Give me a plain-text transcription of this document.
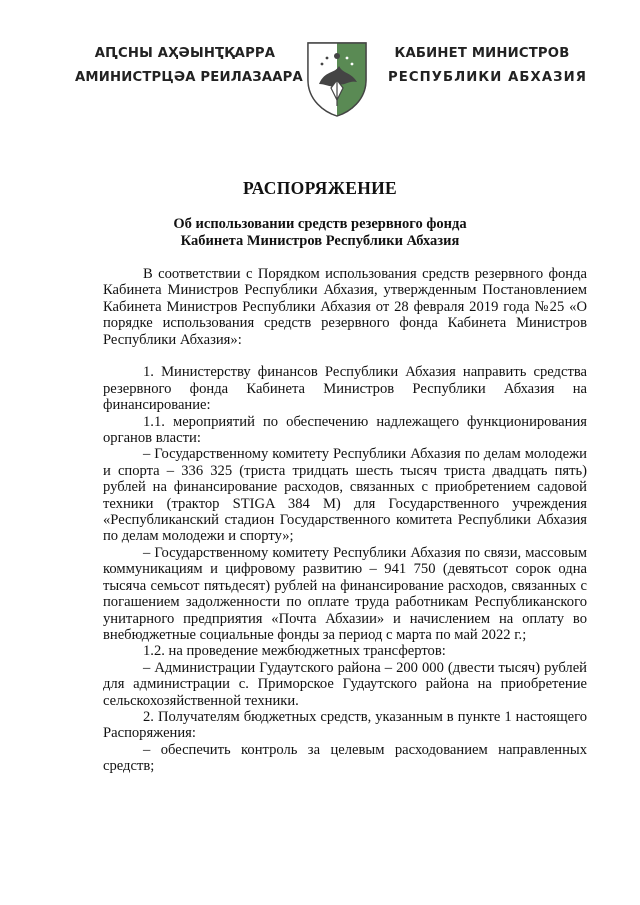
АԤСНЫ АҲӘЫНҬҚАРРА
АМИНИСТРЦӘА РЕИЛАЗААРА
КАБИНЕТ МИНИСТРОВ
РЕСПУБЛИКИ АБХАЗИЯ
РАСПОРЯЖЕНИЕ
Об использовании средств резервного фонда
Кабинета Министров Республики Абхазия

В соответствии с Порядком использования средств резервного фонда Кабинета Министров Республики Абхазия, утвержденным Постановлением Кабинета Министров Республики Абхазия от 28 февраля 2019 года №25 «О порядке использования средств резервного фонда Кабинета Министров Республики Абхазия»:

1. Министерству финансов Республики Абхазия направить средства резервного фонда Кабинета Министров Республики Абхазия на финансирование:

1.1. мероприятий по обеспечению надлежащего функционирования органов власти:

– Государственному комитету Республики Абхазия по делам молодежи и спорта – 336 325 (триста тридцать шесть тысяч триста двадцать пять) рублей на финансирование расходов, связанных с приобретением садовой техники (трактор STIGA 384 M) для Государственного учреждения «Республиканский стадион Государственного комитета Республики Абхазия по делам молодежи и спорту»;

– Государственному комитету Республики Абхазия по связи, массовым коммуникациям и цифровому развитию – 941 750 (девятьсот сорок одна тысяча семьсот пятьдесят) рублей на финансирование расходов, связанных с погашением задолженности по оплате труда работникам Республиканского унитарного предприятия «Почта Абхазии» и начислением на оплату во внебюджетные социальные фонды за период с марта по май 2022 г.;

1.2. на проведение межбюджетных трансфертов:

– Администрации Гудаутского района – 200 000 (двести тысяч) рублей для администрации с. Приморское Гудаутского района на приобретение сельскохозяйственной техники.

2. Получателям бюджетных средств, указанным в пункте 1 настоящего Распоряжения:

– обеспечить контроль за целевым расходованием направленных средств;
